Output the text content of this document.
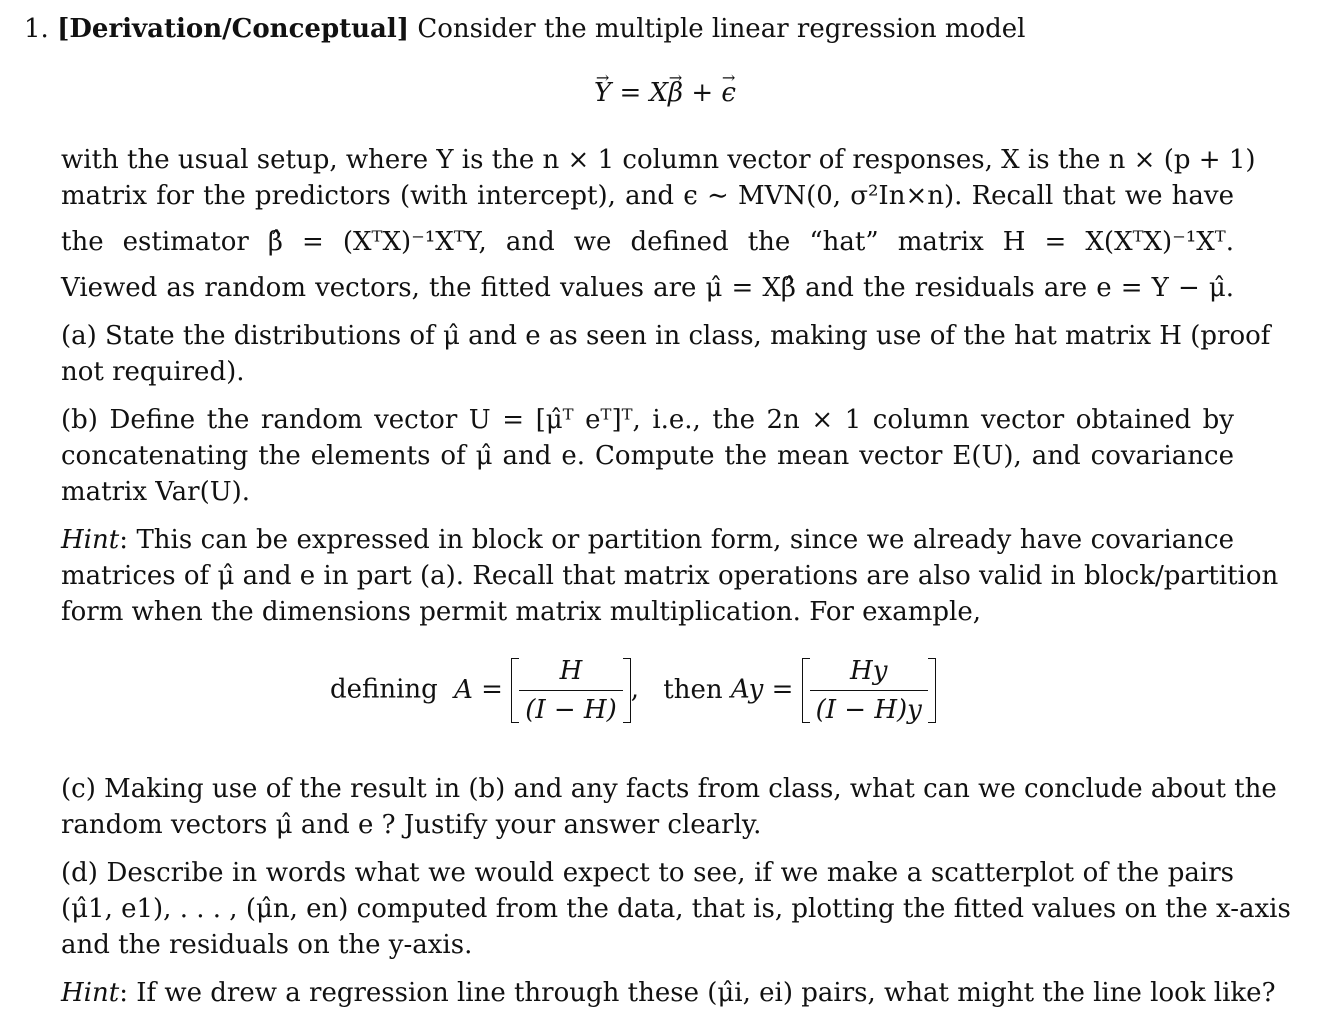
1. [Derivation/Conceptual] Consider the multiple linear regression model
→ Y = X→ β + → ϵ
with the usual setup, where Y is the n × 1 column vector of responses, X is the n × (p + 1)
matrix for the predictors (with intercept), and ϵ ∼ MVN(0, σ²In×n). Recall that we have
the estimator β̂ = (XᵀX)⁻¹XᵀY, and we defined the “hat” matrix H = X(XᵀX)⁻¹Xᵀ.
Viewed as random vectors, the fitted values are μ̂ = Xβ̂ and the residuals are e = Y − μ̂.
(a) State the distributions of μ̂ and e as seen in class, making use of the hat matrix H (proof
not required).
(b) Define the random vector U = [μ̂ᵀ eᵀ]ᵀ, i.e., the 2n × 1 column vector obtained by
concatenating the elements of μ̂ and e. Compute the mean vector E(U), and covariance
matrix Var(U).
Hint: This can be expressed in block or partition form, since we already have covariance
matrices of μ̂ and e in part (a). Recall that matrix operations are also valid in block/partition
form when the dimensions permit matrix multiplication. For example,
defining $A = \frac{H}{(I - H)}$ , then $Ay = \frac{Hy}{(I - H)y}$
(c) Making use of the result in (b) and any facts from class, what can we conclude about the
random vectors μ̂ and e ? Justify your answer clearly.
(d) Describe in words what we would expect to see, if we make a scatterplot of the pairs
(μ̂1, e1), . . . , (μ̂n, en) computed from the data, that is, plotting the fitted values on the x-axis
and the residuals on the y-axis.
Hint: If we drew a regression line through these (μ̂i, ei) pairs, what might the line look like?
